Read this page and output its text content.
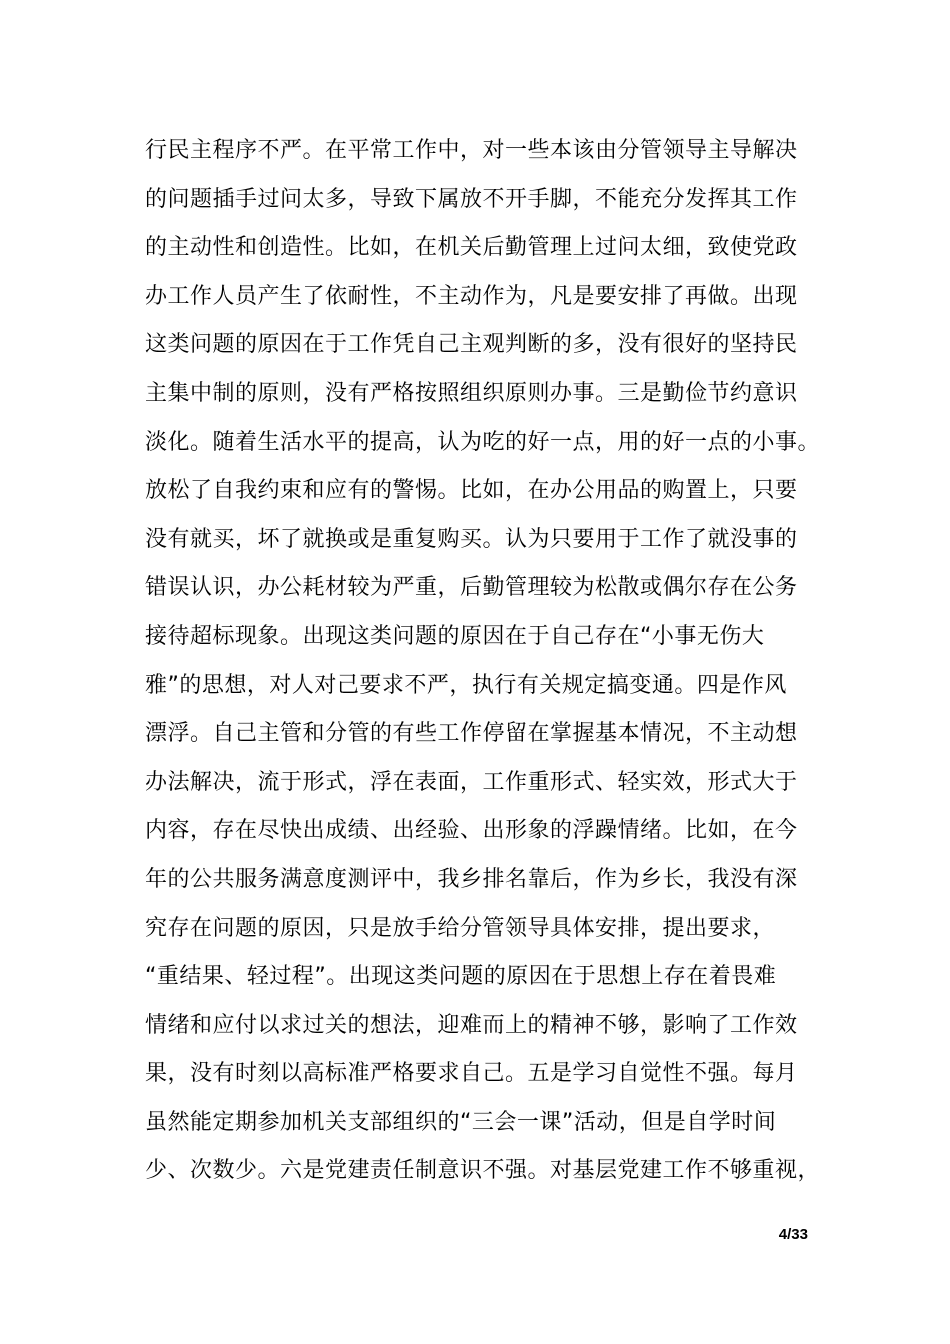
行民主程序不严。在平常工作中，对一些本该由分管领导主导解决
的问题插手过问太多，导致下属放不开手脚，不能充分发挥其工作
的主动性和创造性。比如，在机关后勤管理上过问太细，致使党政
办工作人员产生了依耐性，不主动作为，凡是要安排了再做。出现
这类问题的原因在于工作凭自己主观判断的多，没有很好的坚持民
主集中制的原则，没有严格按照组织原则办事。三是勤俭节约意识
淡化。随着生活水平的提高，认为吃的好一点，用的好一点的小事。
放松了自我约束和应有的警惕。比如，在办公用品的购置上，只要
没有就买，坏了就换或是重复购买。认为只要用于工作了就没事的
错误认识，办公耗材较为严重，后勤管理较为松散或偶尔存在公务
接待超标现象。出现这类问题的原因在于自己存在“小事无伤大
雅”的思想，对人对己要求不严，执行有关规定搞变通。四是作风
漂浮。自己主管和分管的有些工作停留在掌握基本情况，不主动想
办法解决，流于形式，浮在表面，工作重形式、轻实效，形式大于
内容，存在尽快出成绩、出经验、出形象的浮躁情绪。比如，在今
年的公共服务满意度测评中，我乡排名靠后，作为乡长，我没有深
究存在问题的原因，只是放手给分管领导具体安排，提出要求，
“重结果、轻过程”。出现这类问题的原因在于思想上存在着畏难
情绪和应付以求过关的想法，迎难而上的精神不够，影响了工作效
果，没有时刻以高标准严格要求自己。五是学习自觉性不强。每月
虽然能定期参加机关支部组织的“三会一课”活动，但是自学时间
少、次数少。六是党建责任制意识不强。对基层党建工作不够重视，
4/33
